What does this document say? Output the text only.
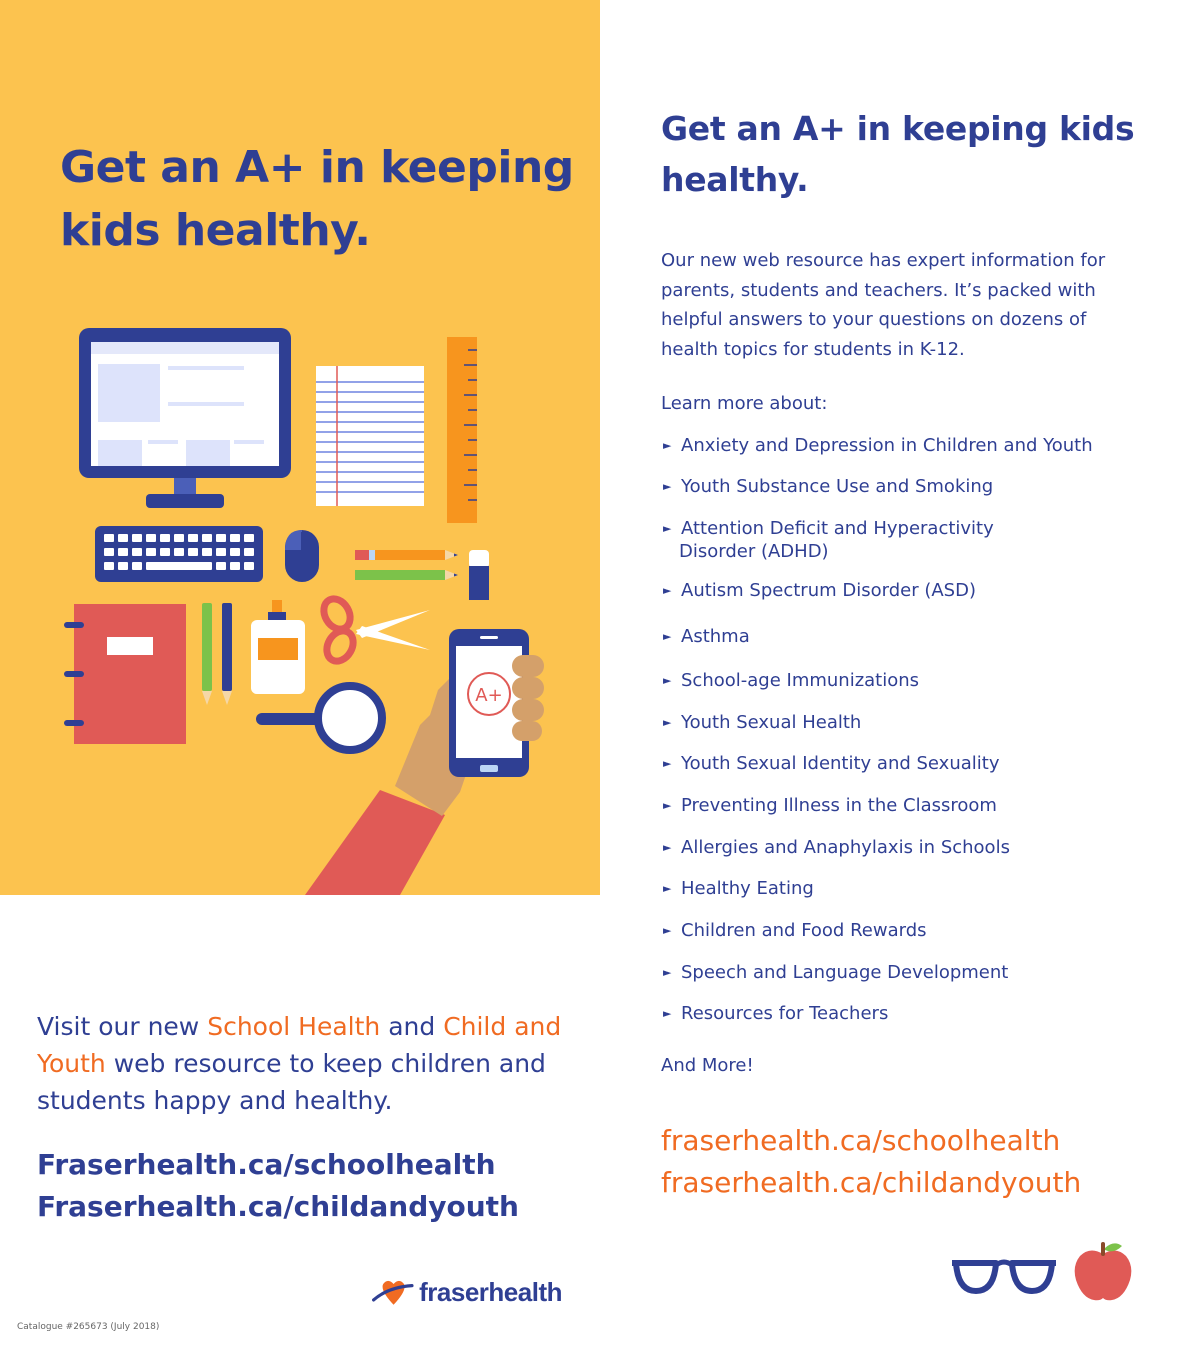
Get an A+ in keeping kids healthy.
A+

Visit our new School Health and Child and Youth web resource to keep children and students happy and healthy.

Fraserhealth.ca/schoolhealth
Fraserhealth.ca/childandyouth
fraserhealth
Catalogue #265673 (July 2018)
Get an A+ in keeping kids healthy.

Our new web resource has expert information for parents, students and teachers. It’s packed with helpful answers to your questions on dozens of health topics for students in K-12.

Learn more about:

► Anxiety and Depression in Children and Youth
► Youth Substance Use and Smoking
► Attention Deficit and Hyperactivity
Disorder (ADHD)
► Autism Spectrum Disorder (ASD)
► Asthma
► School-age Immunizations
► Youth Sexual Health
► Youth Sexual Identity and Sexuality
► Preventing Illness in the Classroom
► Allergies and Anaphylaxis in Schools
► Healthy Eating
► Children and Food Rewards
► Speech and Language Development
► Resources for Teachers

And More!

fraserhealth.ca/schoolhealth
fraserhealth.ca/childandyouth
